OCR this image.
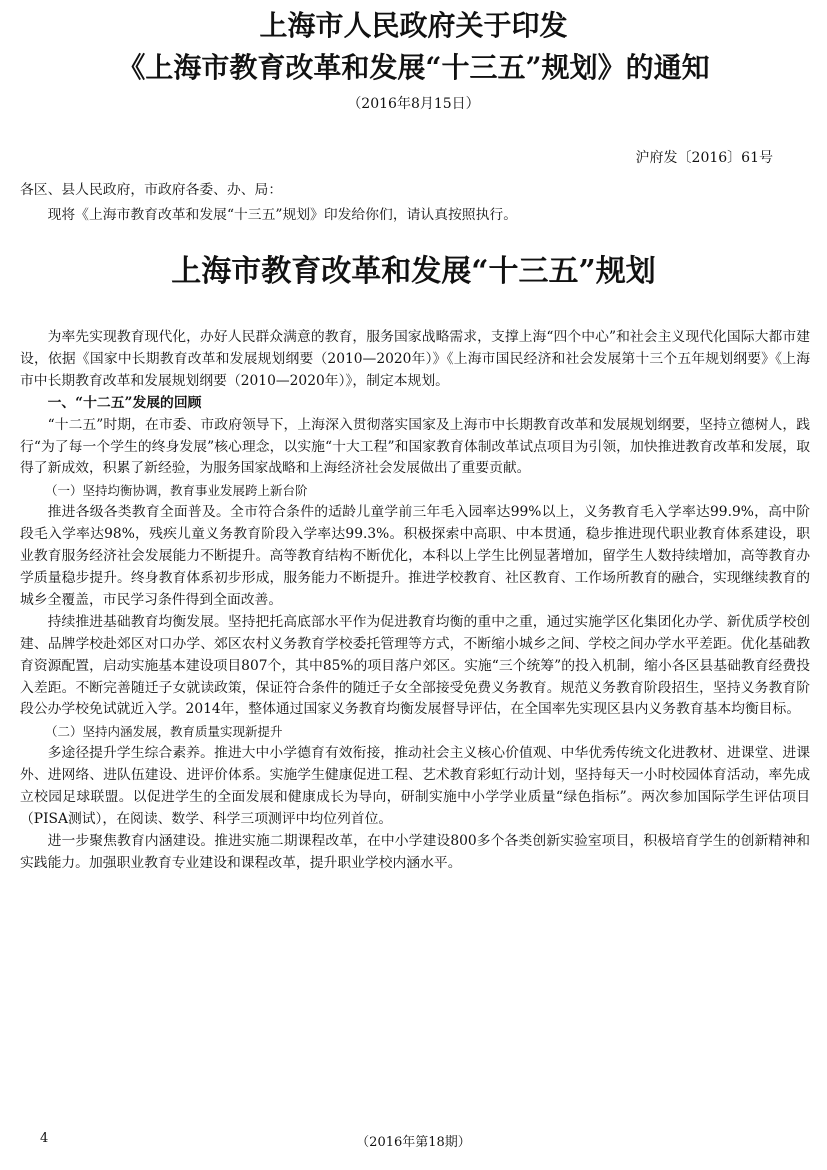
上海市人民政府关于印发
《上海市教育改革和发展“十三五”规划》的通知
（2016年8月15日）
沪府发〔2016〕61号

各区、县人民政府，市政府各委、办、局：

现将《上海市教育改革和发展“十三五”规划》印发给你们，请认真按照执行。

上海市教育改革和发展“十三五”规划

为率先实现教育现代化，办好人民群众满意的教育，服务国家战略需求，支撑上海“四个中心”和社会主义现代化国际大都市建设，依据《国家中长期教育改革和发展规划纲要（2010—2020年）》《上海市国民经济和社会发展第十三个五年规划纲要》《上海市中长期教育改革和发展规划纲要（2010—2020年）》，制定本规划。

一、“十二五”发展的回顾

“十二五”时期，在市委、市政府领导下，上海深入贯彻落实国家及上海市中长期教育改革和发展规划纲要，坚持立德树人，践行“为了每一个学生的终身发展”核心理念，以实施“十大工程”和国家教育体制改革试点项目为引领，加快推进教育改革和发展，取得了新成效，积累了新经验，为服务国家战略和上海经济社会发展做出了重要贡献。

（一）坚持均衡协调，教育事业发展跨上新台阶

推进各级各类教育全面普及。全市符合条件的适龄儿童学前三年毛入园率达99%以上，义务教育毛入学率达99.9%，高中阶段毛入学率达98%，残疾儿童义务教育阶段入学率达99.3%。积极探索中高职、中本贯通，稳步推进现代职业教育体系建设，职业教育服务经济社会发展能力不断提升。高等教育结构不断优化，本科以上学生比例显著增加，留学生人数持续增加，高等教育办学质量稳步提升。终身教育体系初步形成，服务能力不断提升。推进学校教育、社区教育、工作场所教育的融合，实现继续教育的城乡全覆盖，市民学习条件得到全面改善。

持续推进基础教育均衡发展。坚持把托高底部水平作为促进教育均衡的重中之重，通过实施学区化集团化办学、新优质学校创建、品牌学校赴郊区对口办学、郊区农村义务教育学校委托管理等方式，不断缩小城乡之间、学校之间办学水平差距。优化基础教育资源配置，启动实施基本建设项目807个，其中85%的项目落户郊区。实施“三个统筹”的投入机制，缩小各区县基础教育经费投入差距。不断完善随迁子女就读政策，保证符合条件的随迁子女全部接受免费义务教育。规范义务教育阶段招生，坚持义务教育阶段公办学校免试就近入学。2014年，整体通过国家义务教育均衡发展督导评估，在全国率先实现区县内义务教育基本均衡目标。

（二）坚持内涵发展，教育质量实现新提升

多途径提升学生综合素养。推进大中小学德育有效衔接，推动社会主义核心价值观、中华优秀传统文化进教材、进课堂、进课外、进网络、进队伍建设、进评价体系。实施学生健康促进工程、艺术教育彩虹行动计划，坚持每天一小时校园体育活动，率先成立校园足球联盟。以促进学生的全面发展和健康成长为导向，研制实施中小学学业质量“绿色指标”。两次参加国际学生评估项目（PISA测试），在阅读、数学、科学三项测评中均位列首位。

进一步聚焦教育内涵建设。推进实施二期课程改革，在中小学建设800多个各类创新实验室项目，积极培育学生的创新精神和实践能力。加强职业教育专业建设和课程改革，提升职业学校内涵水平。

4	（2016年第18期）
